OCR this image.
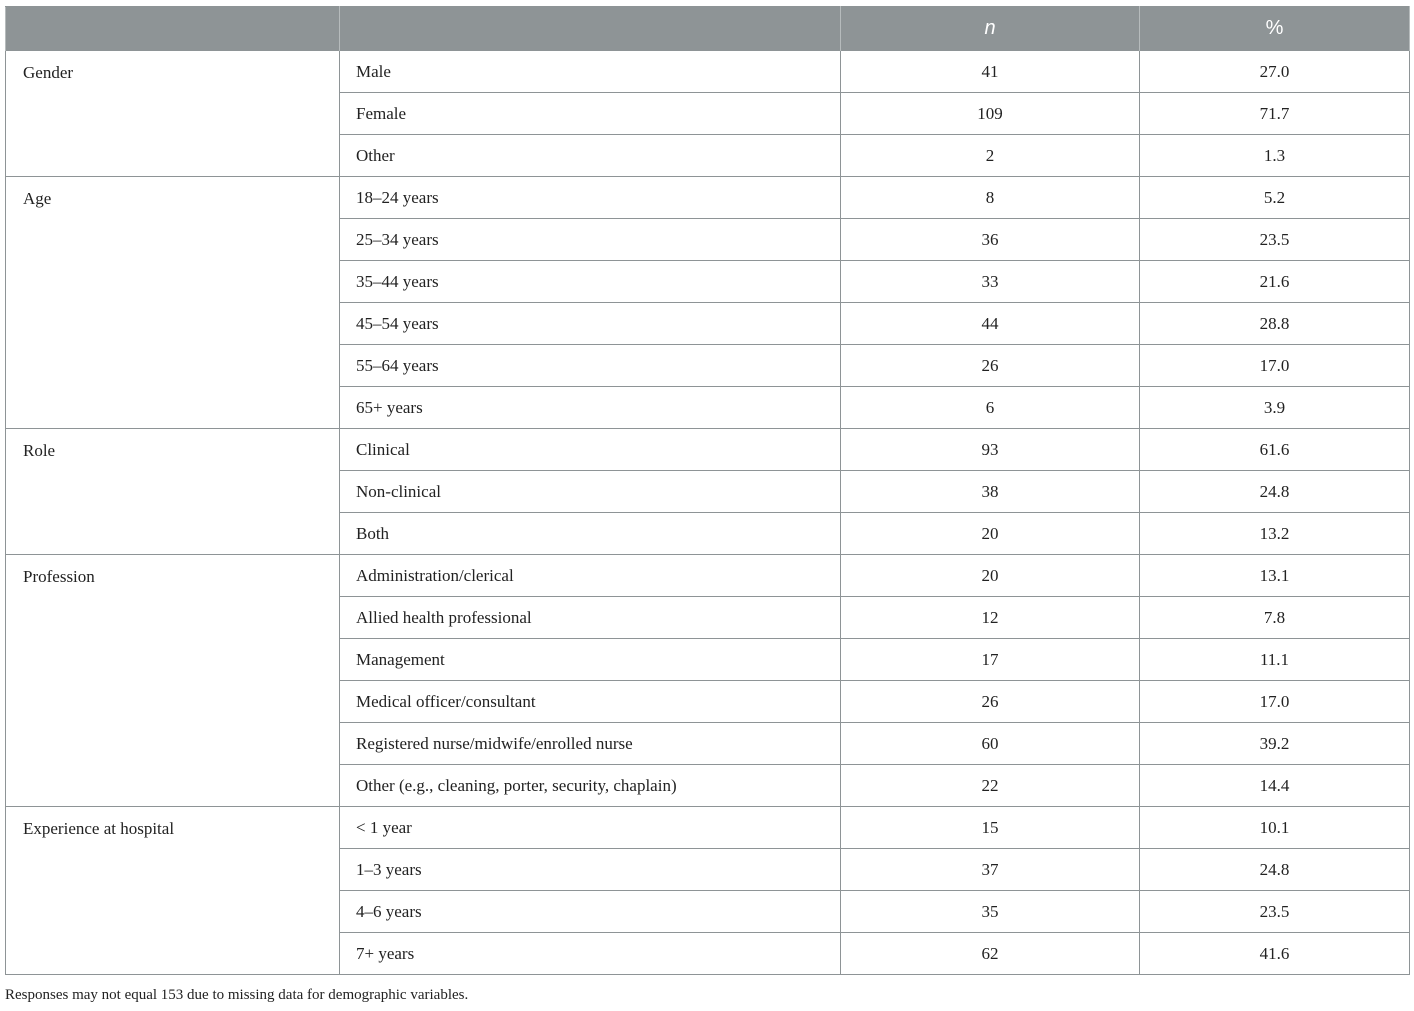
		n	%
Gender	Male	41	27.0
	Female	109	71.7
	Other	2	1.3
Age	18–24 years	8	5.2
	25–34 years	36	23.5
	35–44 years	33	21.6
	45–54 years	44	28.8
	55–64 years	26	17.0
	65+ years	6	3.9
Role	Clinical	93	61.6
	Non-clinical	38	24.8
	Both	20	13.2
Profession	Administration/clerical	20	13.1
	Allied health professional	12	7.8
	Management	17	11.1
	Medical officer/consultant	26	17.0
	Registered nurse/midwife/enrolled nurse	60	39.2
	Other (e.g., cleaning, porter, security, chaplain)	22	14.4
Experience at hospital	< 1 year	15	10.1
	1–3 years	37	24.8
	4–6 years	35	23.5
	7+ years	62	41.6
Responses may not equal 153 due to missing data for demographic variables.
